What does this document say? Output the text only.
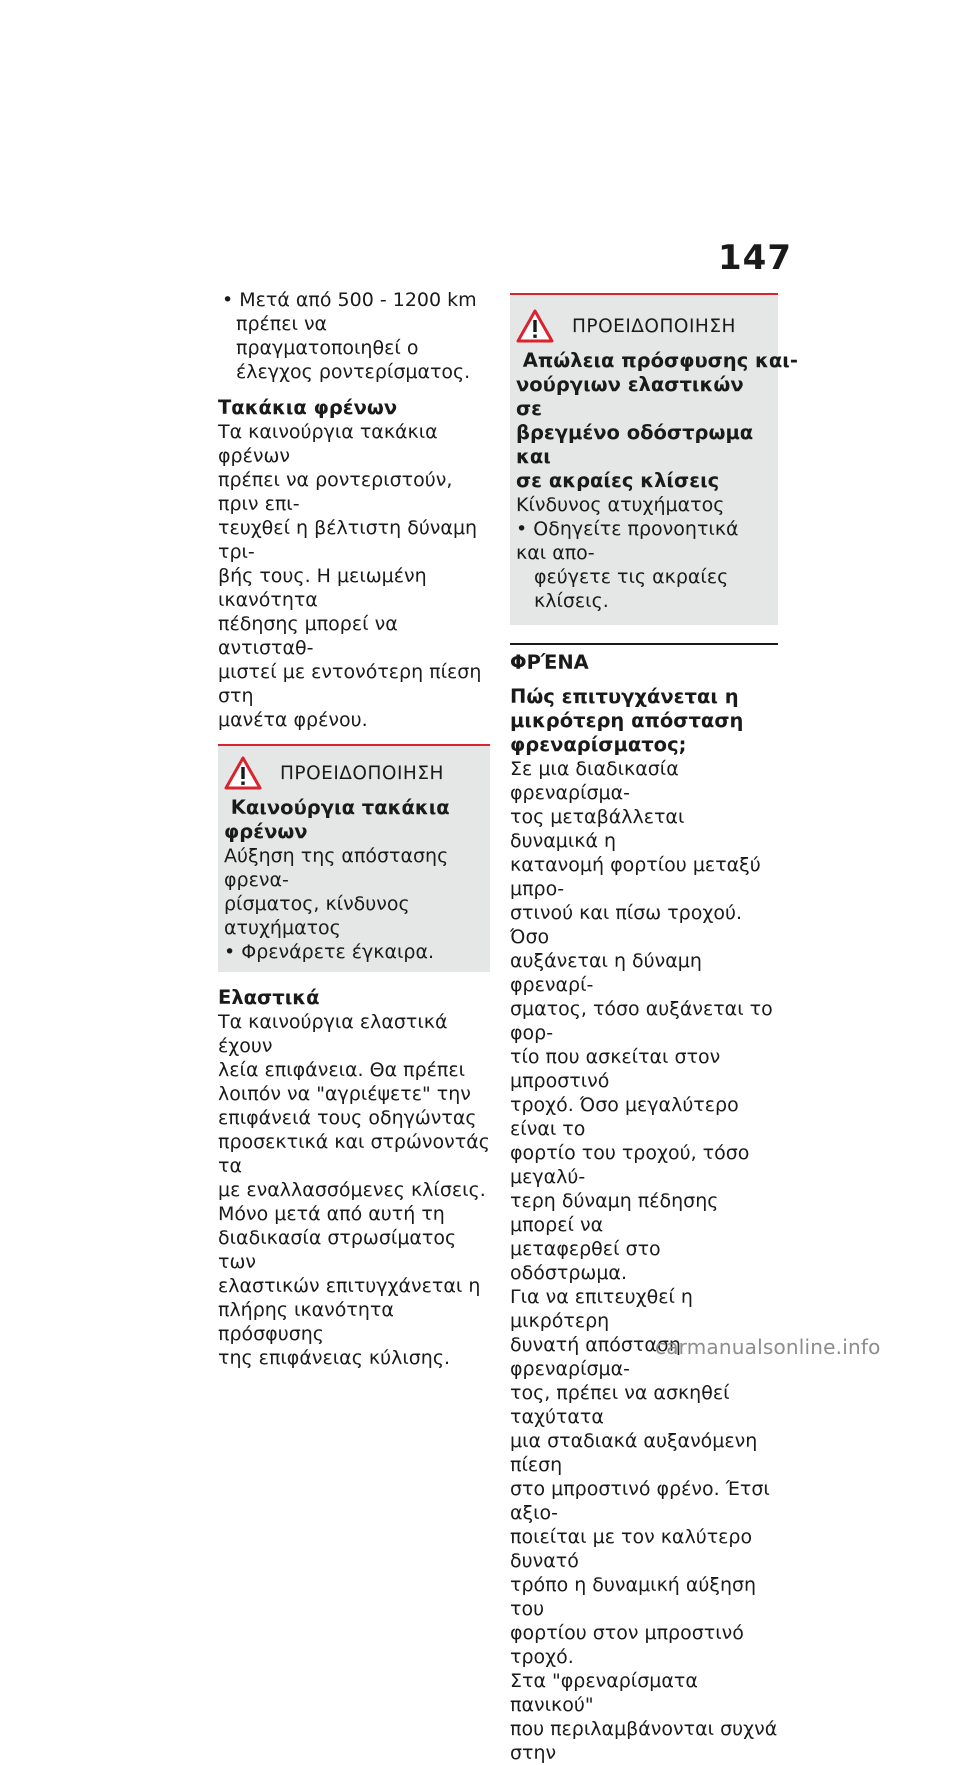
147

• Μετά από 500 - 1200 km

πρέπει να πραγματοποιηθεί ο

έλεγχος ροντερίσματος.

Τακάκια φρένων

Τα καινούργια τακάκια φρένων

πρέπει να ροντεριστούν, πριν επι-

τευχθεί η βέλτιστη δύναμη τρι-

βής τους. Η μειωμένη ικανότητα

πέδησης μπορεί να αντισταθ-

μιστεί με εντονότερη πίεση στη

μανέτα φρένου.

ΠΡΟΕΙΔΟΠΟΙΗΣΗ

Καινούργια τακάκια

φρένων

Αύξηση της απόστασης φρενα-

ρίσματος, κίνδυνος ατυχήματος

• Φρενάρετε έγκαιρα.

Ελαστικά

Τα καινούργια ελαστικά έχουν

λεία επιφάνεια. Θα πρέπει

λοιπόν να "αγριέψετε" την

επιφάνειά τους οδηγώντας

προσεκτικά και στρώνοντάς τα

με εναλλασσόμενες κλίσεις.

Μόνο μετά από αυτή τη

διαδικασία στρωσίματος των

ελαστικών επιτυγχάνεται η

πλήρης ικανότητα πρόσφυσης

της επιφάνειας κύλισης.

ΠΡΟΕΙΔΟΠΟΙΗΣΗ

Απώλεια πρόσφυσης και-

νούργιων ελαστικών σε

βρεγμένο οδόστρωμα και

σε ακραίες κλίσεις

Κίνδυνος ατυχήματος

• Οδηγείτε προνοητικά και απο-

φεύγετε τις ακραίες κλίσεις.

ΦΡΈΝΑ

Πώς επιτυγχάνεται η

μικρότερη απόσταση

φρεναρίσματος;

Σε μια διαδικασία φρεναρίσμα-

τος μεταβάλλεται δυναμικά η

κατανομή φορτίου μεταξύ μπρο-

στινού και πίσω τροχού. Όσο

αυξάνεται η δύναμη φρεναρί-

σματος, τόσο αυξάνεται το φορ-

τίο που ασκείται στον μπροστινό

τροχό. Όσο μεγαλύτερο είναι το

φορτίο του τροχού, τόσο μεγαλύ-

τερη δύναμη πέδησης μπορεί να

μεταφερθεί στο οδόστρωμα.

Για να επιτευχθεί η μικρότερη

δυνατή απόσταση φρεναρίσμα-

τος, πρέπει να ασκηθεί ταχύτατα

μια σταδιακά αυξανόμενη πίεση

στο μπροστινό φρένο. Έτσι αξιο-

ποιείται με τον καλύτερο δυνατό

τρόπο η δυναμική αύξηση του

φορτίου στον μπροστινό τροχό.

Στα "φρεναρίσματα πανικού"

που περιλαμβάνονται συχνά στην

carmanualsonline.info
